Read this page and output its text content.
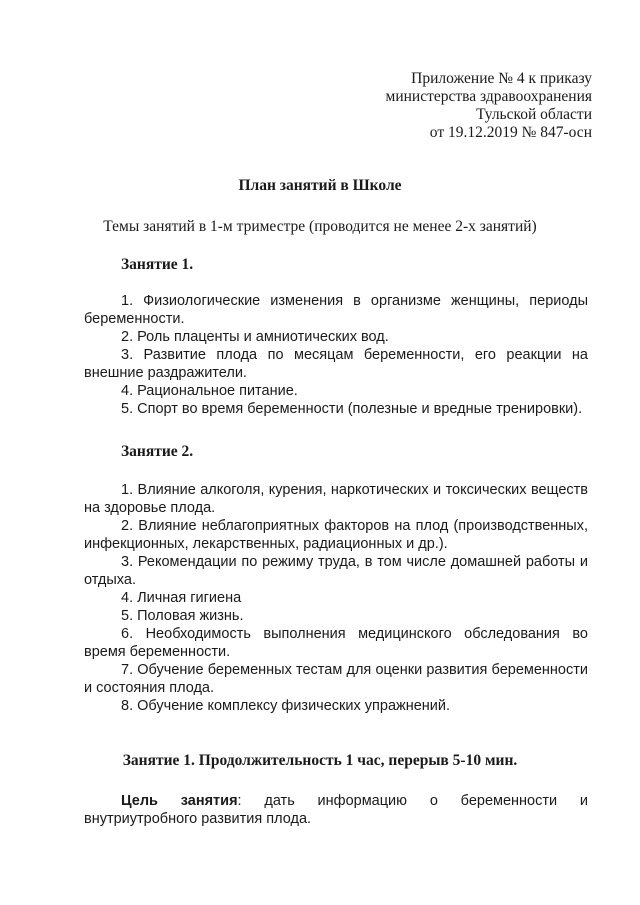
Приложение № 4 к приказу
министерства здравоохранения
Тульской области
от 19.12.2019 № 847-осн
План занятий в Школе
Темы занятий в 1-м триместре (проводится не менее 2-х занятий)
Занятие 1.

1. Физиологические изменения в организме женщины, периоды беременности.

2. Роль плаценты и амниотических вод.

3. Развитие плода по месяцам беременности, его реакции на внешние раздражители.

4. Рациональное питание.

5. Спорт во время беременности (полезные и вредные тренировки).

Занятие 2.

1. Влияние алкоголя, курения, наркотических и токсических веществ на здоровье плода.

2. Влияние неблагоприятных факторов на плод (производственных, инфекционных, лекарственных, радиационных и др.).

3. Рекомендации по режиму труда, в том числе домашней работы и отдыха.

4. Личная гигиена

5. Половая жизнь.

6. Необходимость выполнения медицинского обследования во время беременности.

7. Обучение беременных тестам для оценки развития беременности и состояния плода.

8. Обучение комплексу физических упражнений.

Занятие 1. Продолжительность 1 час, перерыв 5-10 мин.
Цель занятия: дать информацию о беременности и внутриутробного развития плода.
